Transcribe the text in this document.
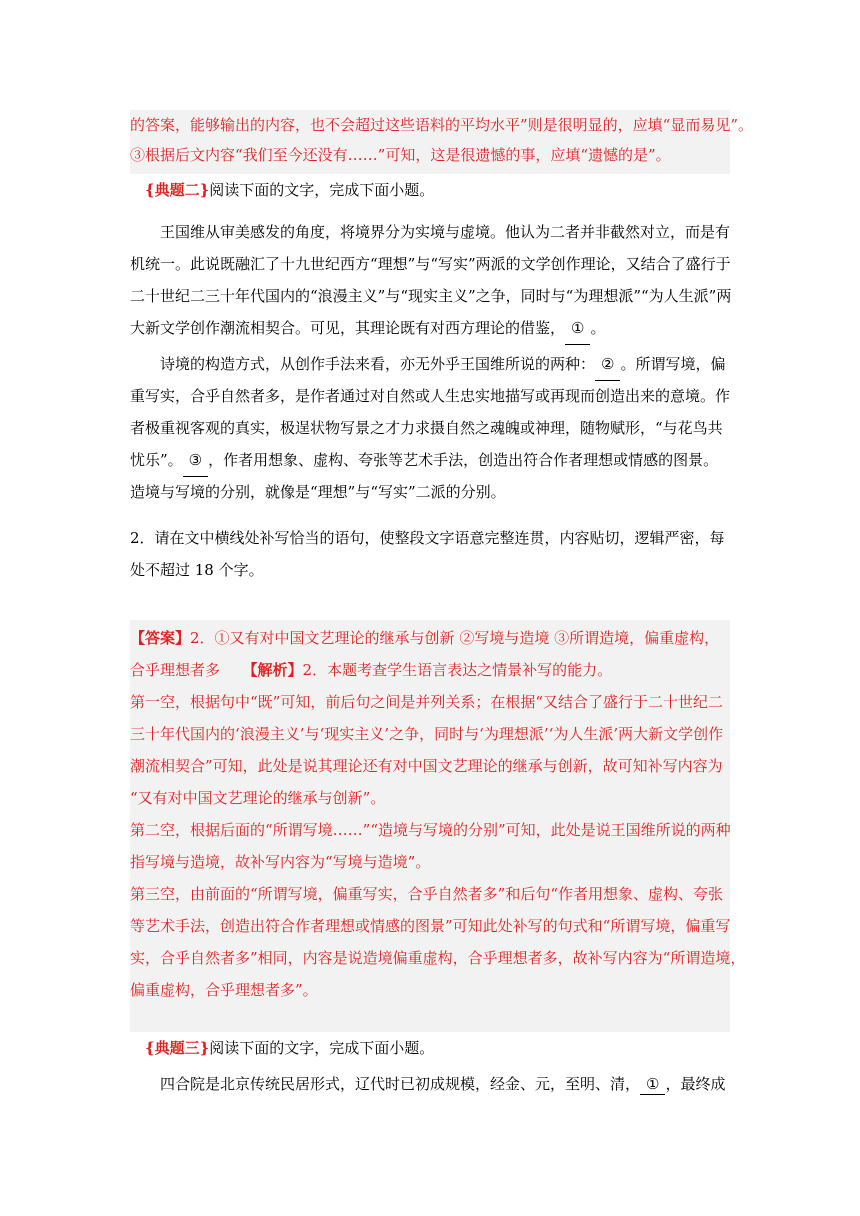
的答案，能够输出的内容，也不会超过这些语料的平均水平”则是很明显的，应填“显而易见”。

③根据后文内容“我们至今还没有……”可知，这是很遗憾的事，应填“遗憾的是”。

{典题二}阅读下面的文字，完成下面小题。

王国维从审美感发的角度，将境界分为实境与虚境。他认为二者并非截然对立，而是有

机统一。此说既融汇了十九世纪西方“理想”与“写实”两派的文学创作理论，又结合了盛行于

二十世纪二三十年代国内的“浪漫主义”与“现实主义”之争，同时与“为理想派”“为人生派”两

大新文学创作潮流相契合。可见，其理论既有对西方理论的借鉴， ① 。

诗境的构造方式，从创作手法来看，亦无外乎王国维所说的两种： ② 。所谓写境，偏

重写实，合乎自然者多，是作者通过对自然或人生忠实地描写或再现而创造出来的意境。作

者极重视客观的真实，极逞状物写景之才力求摄自然之魂魄或神理，随物赋形，“与花鸟共

忧乐”。 ③ ，作者用想象、虚构、夸张等艺术手法，创造出符合作者理想或情感的图景。

造境与写境的分别，就像是“理想”与“写实”二派的分别。

2．请在文中横线处补写恰当的语句，使整段文字语意完整连贯，内容贴切，逻辑严密，每

处不超过 18 个字。

【答案】2．①又有对中国文艺理论的继承与创新 ②写境与造境 ③所谓造境，偏重虚构，

合乎理想者多　　【解析】2．本题考查学生语言表达之情景补写的能力。

第一空，根据句中“既”可知，前后句之间是并列关系；在根据“又结合了盛行于二十世纪二

三十年代国内的‘浪漫主义’与‘现实主义’之争，同时与‘为理想派’‘为人生派’两大新文学创作

潮流相契合”可知，此处是说其理论还有对中国文艺理论的继承与创新，故可知补写内容为

“又有对中国文艺理论的继承与创新”。

第二空，根据后面的“所谓写境……”“造境与写境的分别”可知，此处是说王国维所说的两种

指写境与造境，故补写内容为“写境与造境”。

第三空，由前面的“所谓写境，偏重写实，合乎自然者多”和后句“作者用想象、虚构、夸张

等艺术手法，创造出符合作者理想或情感的图景”可知此处补写的句式和“所谓写境，偏重写

实，合乎自然者多”相同，内容是说造境偏重虚构，合乎理想者多，故补写内容为“所谓造境，

偏重虚构，合乎理想者多”。

{典题三}阅读下面的文字，完成下面小题。

四合院是北京传统民居形式，辽代时已初成规模，经金、元，至明、清， ① ，最终成
